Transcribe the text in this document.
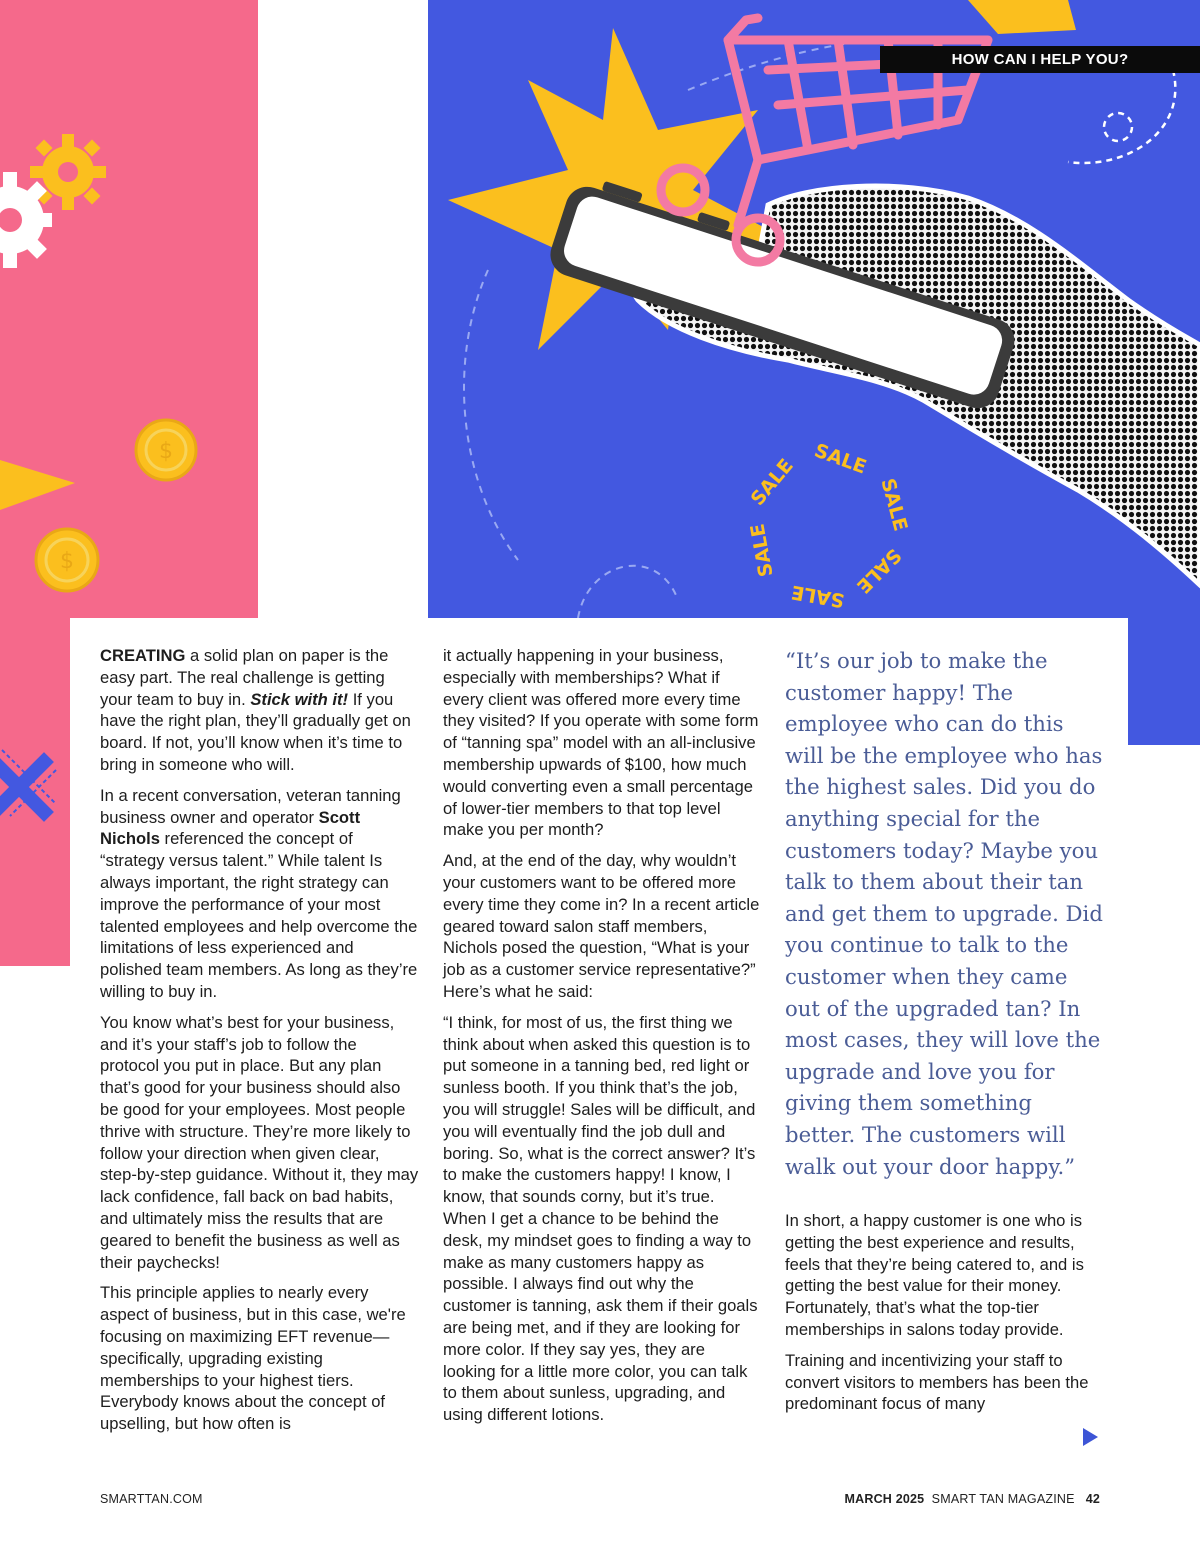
$
$
SALE
SALE
SALE
SALE
SALE
SALE
HOW CAN I HELP YOU?

CREATING a solid plan on paper is the easy part. The real challenge is getting your team to buy in. Stick with it! If you have the right plan, they’ll gradually get on board. If not, you’ll know when it’s time to bring in someone who will.

In a recent conversation, veteran tanning business owner and operator Scott Nichols referenced the concept of “strategy versus talent.” While talent Is always important, the right strategy can improve the performance of your most talented employees and help overcome the limitations of less experienced and polished team members. As long as they’re willing to buy in.

You know what’s best for your business, and it’s your staff’s job to follow the protocol you put in place. But any plan that’s good for your business should also be good for your employees. Most people thrive with structure. They’re more likely to follow your direction when given clear, step-by-step guidance. Without it, they may lack confidence, fall back on bad habits, and ultimately miss the results that are geared to benefit the business as well as their paychecks!

This principle applies to nearly every aspect of business, but in this case, we're focusing on maximizing EFT revenue—specifically, upgrading existing memberships to your highest tiers. Everybody knows about the concept of upselling, but how often is

it actually happening in your business, especially with memberships? What if every client was offered more every time they visited? If you operate with some form of “tanning spa” model with an all-inclusive membership upwards of $100, how much would converting even a small percentage of lower-tier members to that top level make you per month?

And, at the end of the day, why wouldn’t your customers want to be offered more every time they come in? In a recent article geared toward salon staff members, Nichols posed the question, “What is your job as a customer service representative?” Here’s what he said:

“I think, for most of us, the first thing we think about when asked this question is to put someone in a tanning bed, red light or sunless booth. If you think that’s the job, you will struggle! Sales will be difficult, and you will eventually find the job dull and boring. So, what is the correct answer? It’s to make the customers happy! I know, I know, that sounds corny, but it’s true. When I get a chance to be behind the desk, my mindset goes to finding a way to make as many customers happy as possible. I always find out why the customer is tanning, ask them if their goals are being met, and if they are looking for more color. If they say yes, they are looking for a little more color, you can talk to them about sunless, upgrading, and using different lotions.

“It’s our job to make the customer happy! The employee who can do this will be the employee who has the highest sales. Did you do anything special for the customers today? Maybe you talk to them about their tan and get them to upgrade. Did you continue to talk to the customer when they came out of the upgraded tan? In most cases, they will love the upgrade and love you for giving them something better. The customers will walk out your door happy.”

In short, a happy customer is one who is getting the best experience and results, feels that they’re being catered to, and is getting the best value for their money. Fortunately, that’s what the top-tier memberships in salons today provide.

Training and incentivizing your staff to convert visitors to members has been the predominant focus of many

SMARTTAN.COM	MARCH 2025 SMART TAN MAGAZINE 42
